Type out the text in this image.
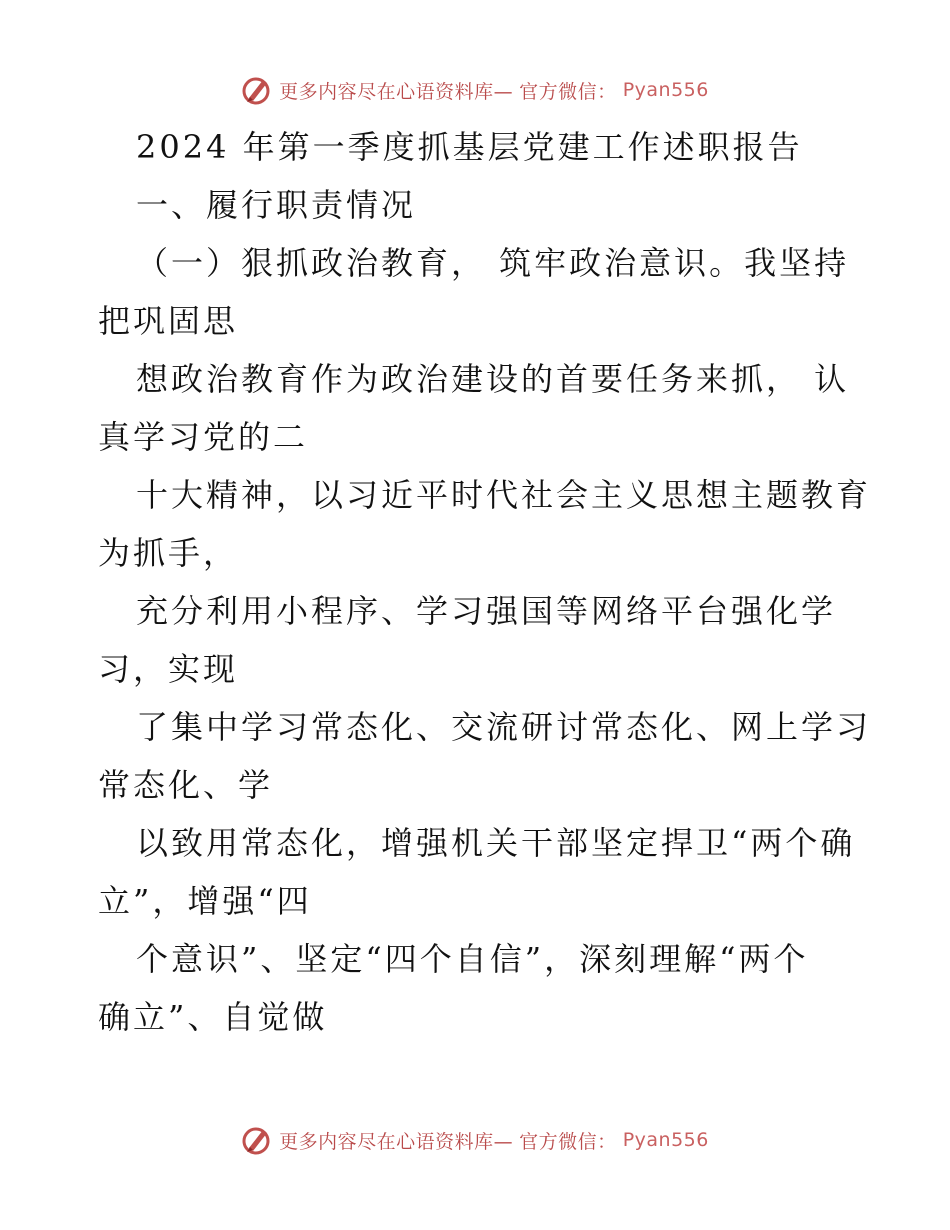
更多内容尽在心语资料库— 官方微信： Pyan556
2024 年第一季度抓基层党建工作述职报告
一、履行职责情况
（一）狠抓政治教育， 筑牢政治意识。我坚持
把巩固思
想政治教育作为政治建设的首要任务来抓， 认
真学习党的二
十大精神，以习近平时代社会主义思想主题教育
为抓手，
充分利用小程序、学习强国等网络平台强化学
习，实现
了集中学习常态化、交流研讨常态化、网上学习
常态化、学
以致用常态化，增强机关干部坚定捍卫“两个确
立”，增强“四
个意识”、坚定“四个自信”，深刻理解“两个
确立”、自觉做
更多内容尽在心语资料库— 官方微信： Pyan556
